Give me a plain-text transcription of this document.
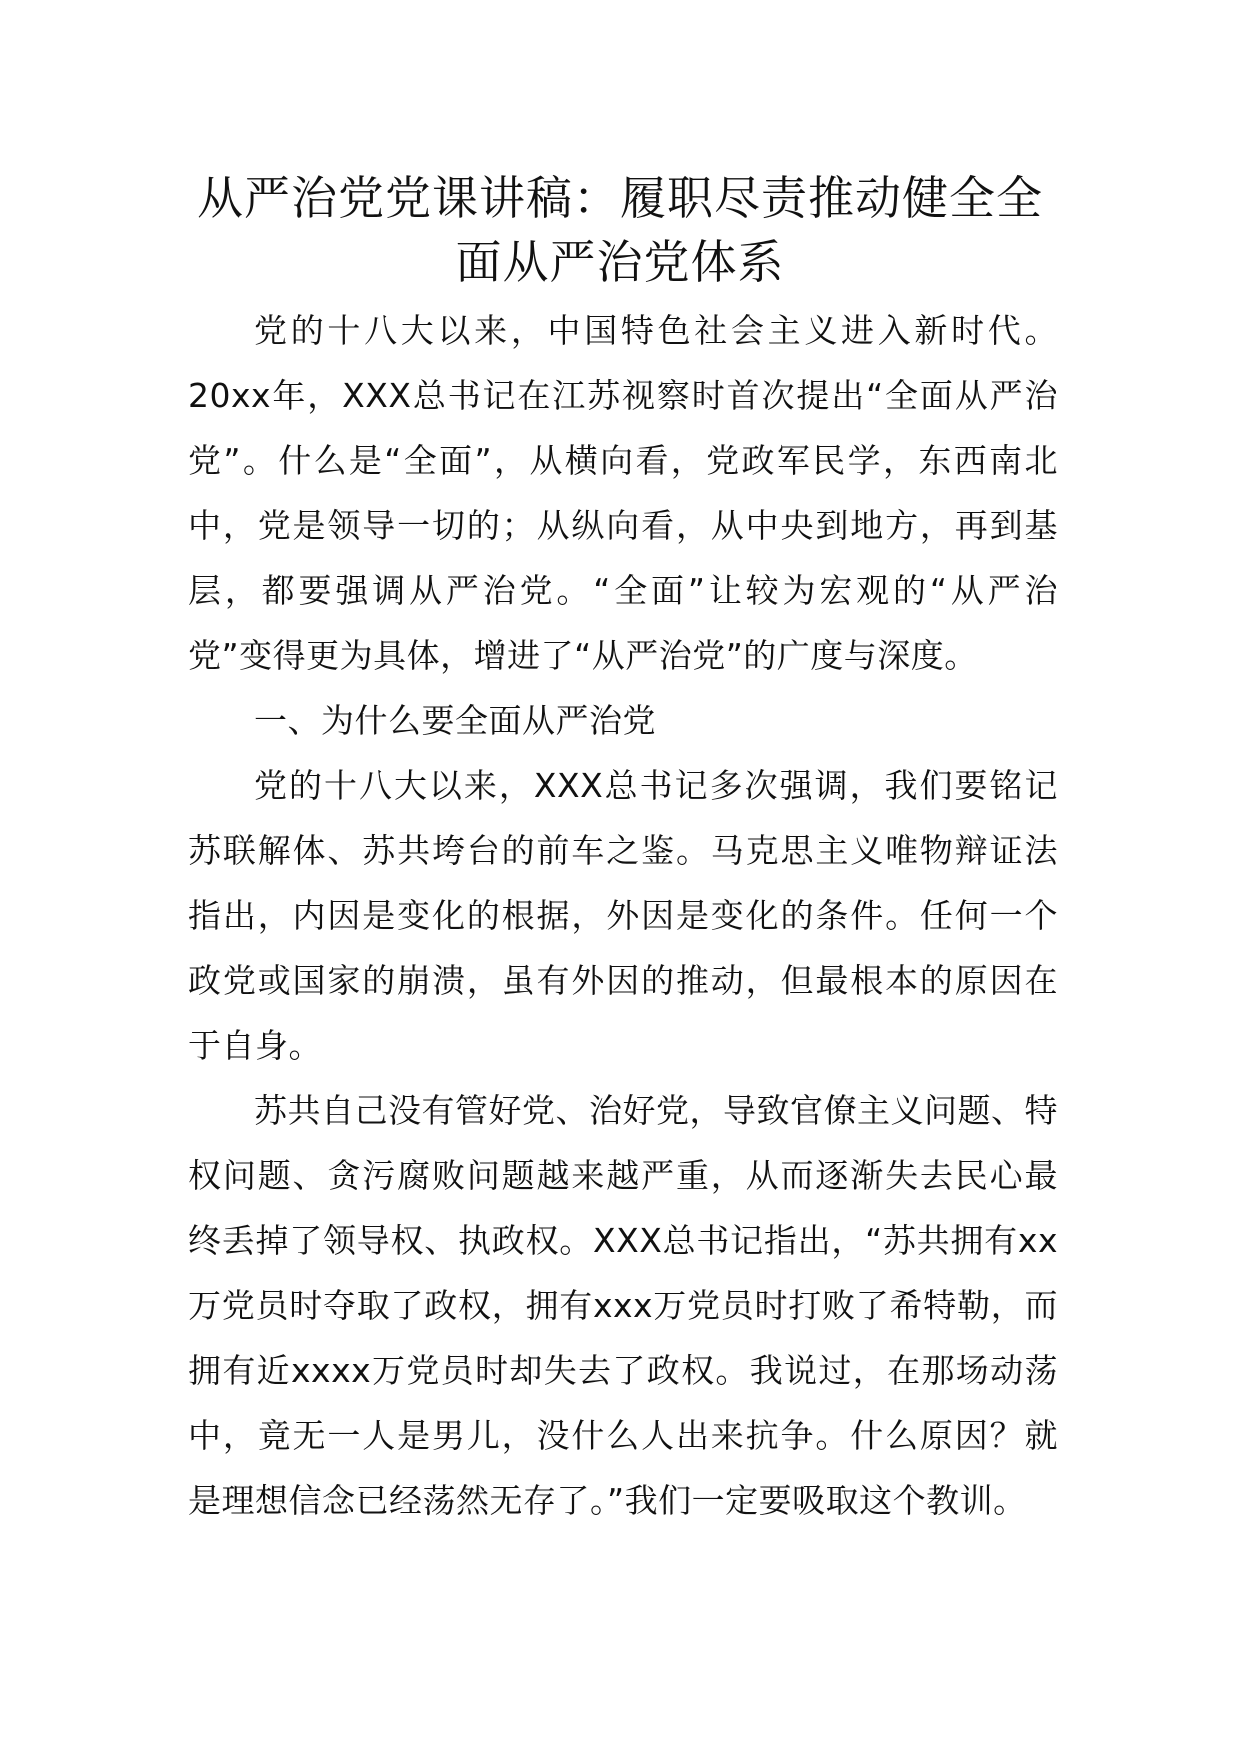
从严治党党课讲稿：履职尽责推动健全全
面从严治党体系

党的十八大以来，中国特色社会主义进入新时代。20xx年，XXX总书记在江苏视察时首次提出“全面从严治党”。什么是“全面”，从横向看，党政军民学，东西南北中，党是领导一切的；从纵向看，从中央到地方，再到基层，都要强调从严治党。“全面”让较为宏观的“从严治党”变得更为具体，增进了“从严治党”的广度与深度。

一、为什么要全面从严治党

党的十八大以来，XXX总书记多次强调，我们要铭记苏联解体、苏共垮台的前车之鉴。马克思主义唯物辩证法指出，内因是变化的根据，外因是变化的条件。任何一个政党或国家的崩溃，虽有外因的推动，但最根本的原因在于自身。

苏共自己没有管好党、治好党，导致官僚主义问题、特权问题、贪污腐败问题越来越严重，从而逐渐失去民心最终丢掉了领导权、执政权。XXX总书记指出，“苏共拥有xx万党员时夺取了政权，拥有xxx万党员时打败了希特勒，而拥有近xxxx万党员时却失去了政权。我说过，在那场动荡中，竟无一人是男儿，没什么人出来抗争。什么原因？就是理想信念已经荡然无存了。”我们一定要吸取这个教训。
